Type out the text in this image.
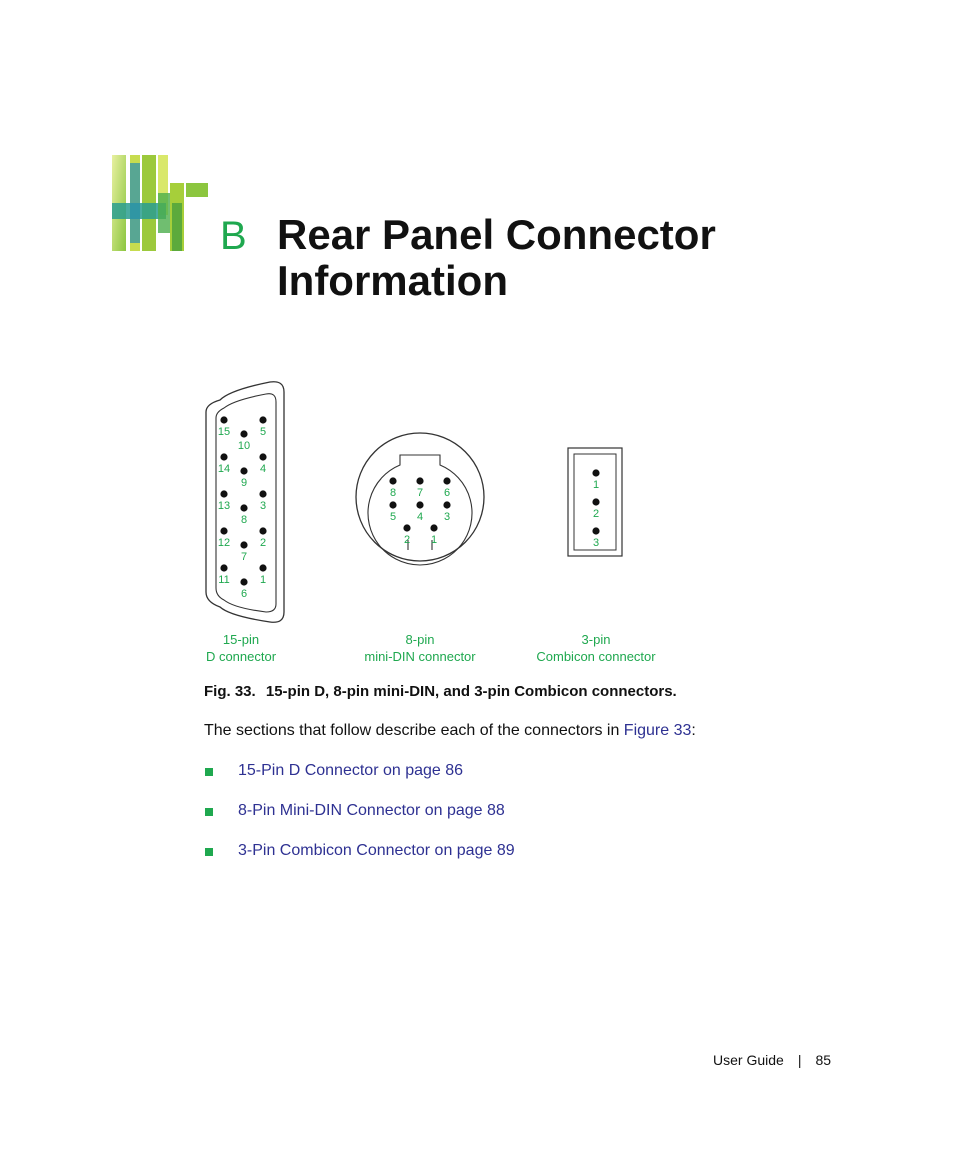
B Rear Panel Connector Information
15
14
13
12
11
10
9
8
7
6
5
4
3
2
1
15-pin
D connector
8 7 6
5 4 3
2 1
8-pin
mini-DIN connector
1
2
3
3-pin
Combicon connector
Fig. 33. 15-pin D, 8-pin mini-DIN, and 3-pin Combicon connectors.
The sections that follow describe each of the connectors in Figure 33:
15-Pin D Connector on page 86
8-Pin Mini-DIN Connector on page 88
3-Pin Combicon Connector on page 89
User Guide | 85
